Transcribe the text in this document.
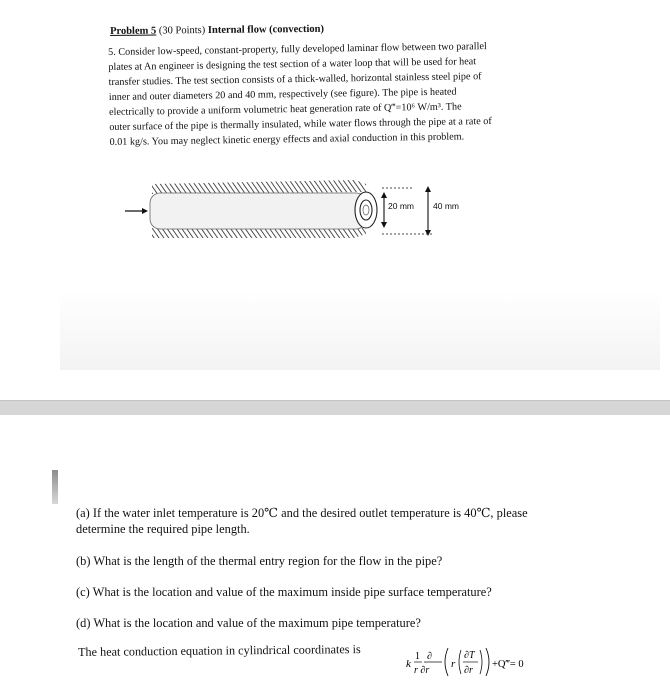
Problem 5 (30 Points) Internal flow (convection)
5. Consider low-speed, constant-property, fully developed laminar flow between two parallel
plates at An engineer is designing the test section of a water loop that will be used for heat
transfer studies. The test section consists of a thick-walled, horizontal stainless steel pipe of
inner and outer diameters 20 and 40 mm, respectively (see figure). The pipe is heated
electrically to provide a uniform volumetric heat generation rate of Q‴=10⁶ W/m³. The
outer surface of the pipe is thermally insulated, while water flows through the pipe at a rate of
0.01 kg/s. You may neglect kinetic energy effects and axial conduction in this problem.
20 mm 40 mm
(a) If the water inlet temperature is 20℃ and the desired outlet temperature is 40℃, please
determine the required pipe length.
(b) What is the length of the thermal entry region for the flow in the pipe?
(c) What is the location and value of the maximum inside pipe surface temperature?
(d) What is the location and value of the maximum pipe temperature?
The heat conduction equation in cylindrical coordinates is
k
1 ∂
r ∂r
r
∂T
∂r
+Q‴= 0
